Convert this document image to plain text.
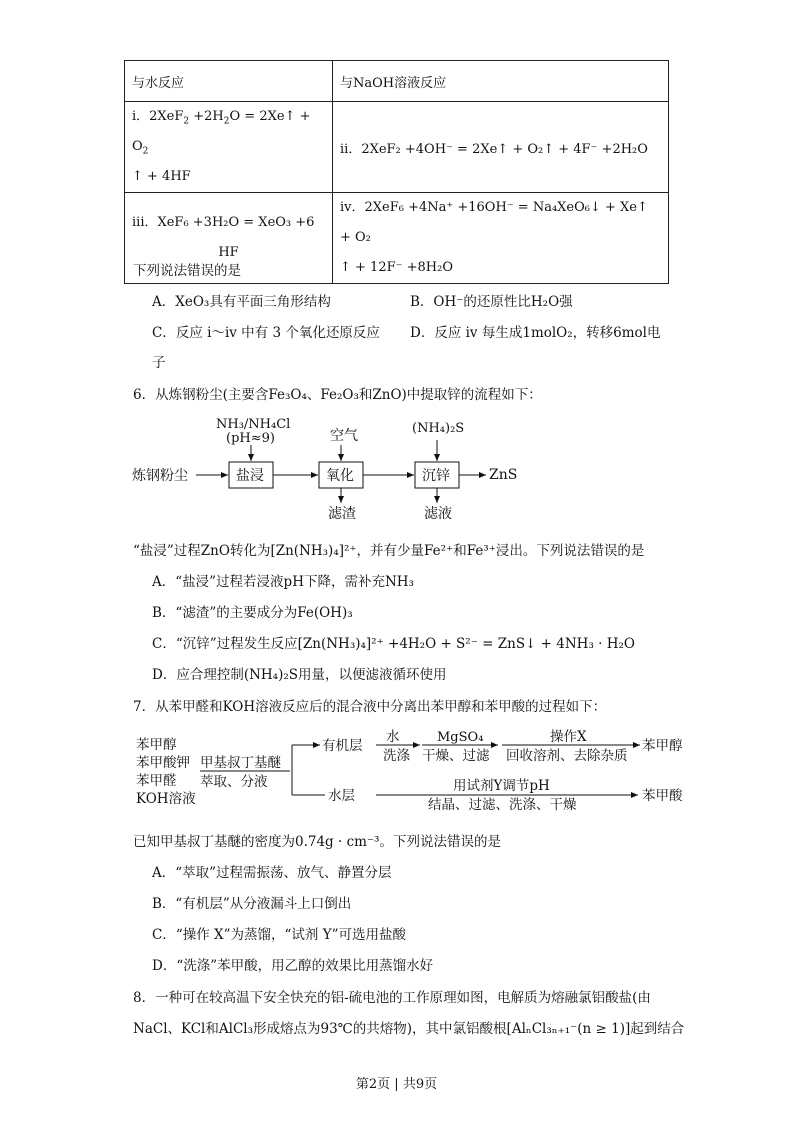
与水反应	与NaOH溶液反应

i．$2XeF_2 +2H_2O$ = 2Xe↑ + $O_2$
↑ + 4HF	ii．2XeF₂ +4OH⁻ = 2Xe↑ + O₂↑ + 4F⁻ +2H₂O

iii．XeF₆ +3H₂O = XeO₃ +6

HF	iv．2XeF₆ +4Na⁺ +16OH⁻ = Na₄XeO₆↓ + Xe↑ + O₂
↑ + 12F⁻ +8H₂O
下列说法错误的是
A．XeO₃具有平面三角形结构	B．OH⁻的还原性比H₂O强
C．反应 i～iv 中有 3 个氧化还原反应 D．反应 iv 每生成1molO₂，转移6mol电
子
6．从炼钢粉尘(主要含Fe₃O₄、Fe₂O₃和ZnO)中提取锌的流程如下：
炼钢粉尘	盐浸	氧化	沉锌	ZnS
NH₃/NH₄Cl
(pH≈9)	空气	(NH₄)₂S
滤渣	滤液
“盐浸”过程ZnO转化为[Zn(NH₃)₄]²⁺，并有少量Fe²⁺和Fe³⁺浸出。下列说法错误的是
A．“盐浸”过程若浸液pH下降，需补充NH₃
B．“滤渣”的主要成分为Fe(OH)₃
C．“沉锌”过程发生反应[Zn(NH₃)₄]²⁺ +4H₂O + S²⁻ = ZnS↓ + 4NH₃ · H₂O
D．应合理控制(NH₄)₂S用量，以便滤液循环使用
7．从苯甲醛和KOH溶液反应后的混合液中分离出苯甲醇和苯甲酸的过程如下：
苯甲醇
苯甲酸钾
苯甲醛
KOH溶液
甲基叔丁基醚
萃取、分液
有机层
水
洗涤
MgSO₄
干燥、过滤
操作X
回收溶剂、去除杂质
苯甲醇
水层
用试剂Y调节pH
结晶、过滤、洗涤、干燥
苯甲酸
已知甲基叔丁基醚的密度为0.74g · cm⁻³。下列说法错误的是
A．“萃取”过程需振荡、放气、静置分层
B．“有机层”从分液漏斗上口倒出
C．“操作 X”为蒸馏，“试剂 Y”可选用盐酸
D．“洗涤”苯甲酸，用乙醇的效果比用蒸馏水好
8．一种可在较高温下安全快充的铝-硫电池的工作原理如图，电解质为熔融氯铝酸盐(由
NaCl、KCl和AlCl₃形成熔点为93℃的共熔物)，其中氯铝酸根[AlₙCl₃ₙ₊₁⁻(n ≥ 1)]起到结合
第2页 | 共9页
